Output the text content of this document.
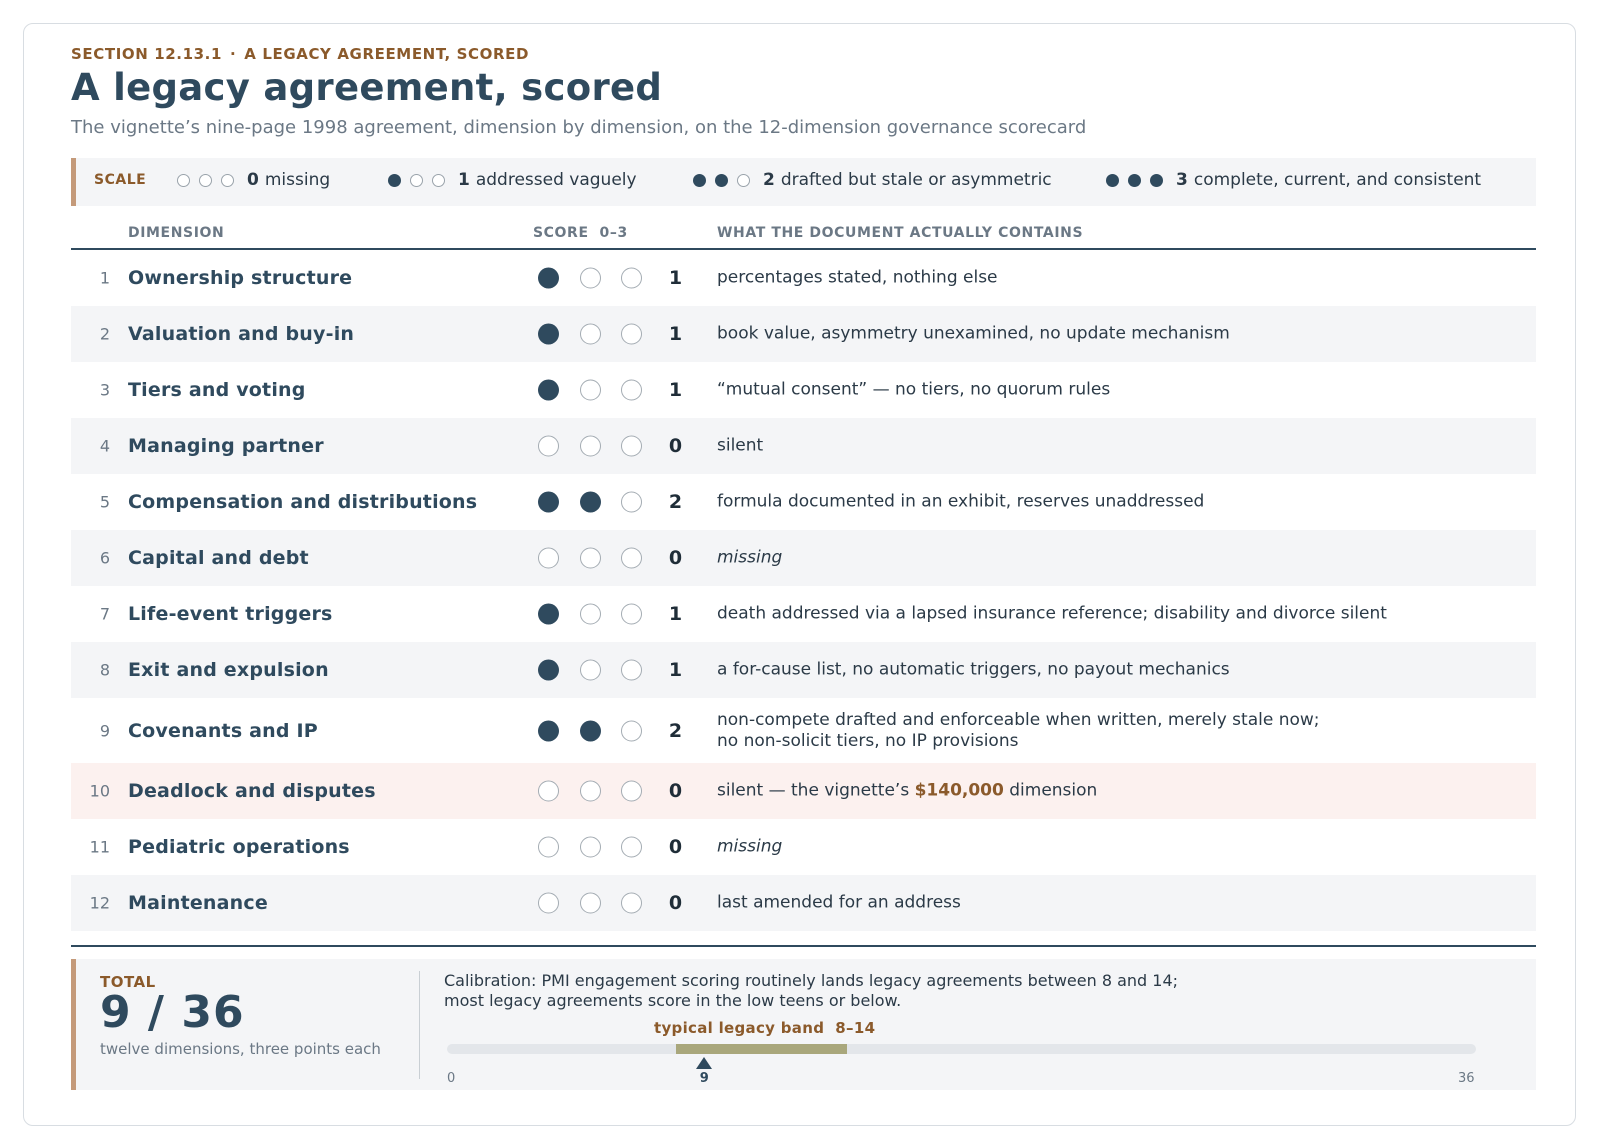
SECTION 12.13.1 · A LEGACY AGREEMENT, SCORED
A legacy agreement, scored
The vignette’s nine-page 1998 agreement, dimension by dimension, on the 12-dimension governance scorecard
SCALE	0 missing	1 addressed vaguely	2 drafted but stale or asymmetric	3 complete, current, and consistent
DIMENSION	SCORE  0–3	WHAT THE DOCUMENT ACTUALLY CONTAINS
1 Ownership structure	1	percentages stated, nothing else
2 Valuation and buy-in	1	book value, asymmetry unexamined, no update mechanism
3 Tiers and voting	1	“mutual consent” — no tiers, no quorum rules
4 Managing partner	0	silent
5 Compensation and distributions	2	formula documented in an exhibit, reserves unaddressed
6 Capital and debt	0	missing
7 Life-event triggers	1	death addressed via a lapsed insurance reference; disability and divorce silent
8 Exit and expulsion	1	a for-cause list, no automatic triggers, no payout mechanics
9 Covenants and IP	2	non-compete drafted and enforceable when written, merely stale now;
no non-solicit tiers, no IP provisions
10 Deadlock and disputes	0	silent — the vignette’s $140,000 dimension
11 Pediatric operations	0	missing
12 Maintenance	0	last amended for an address
TOTAL
9 / 36
twelve dimensions, three points each
Calibration: PMI engagement scoring routinely lands legacy agreements between 8 and 14;
most legacy agreements score in the low teens or below.
typical legacy band  8–14
0	36
9
